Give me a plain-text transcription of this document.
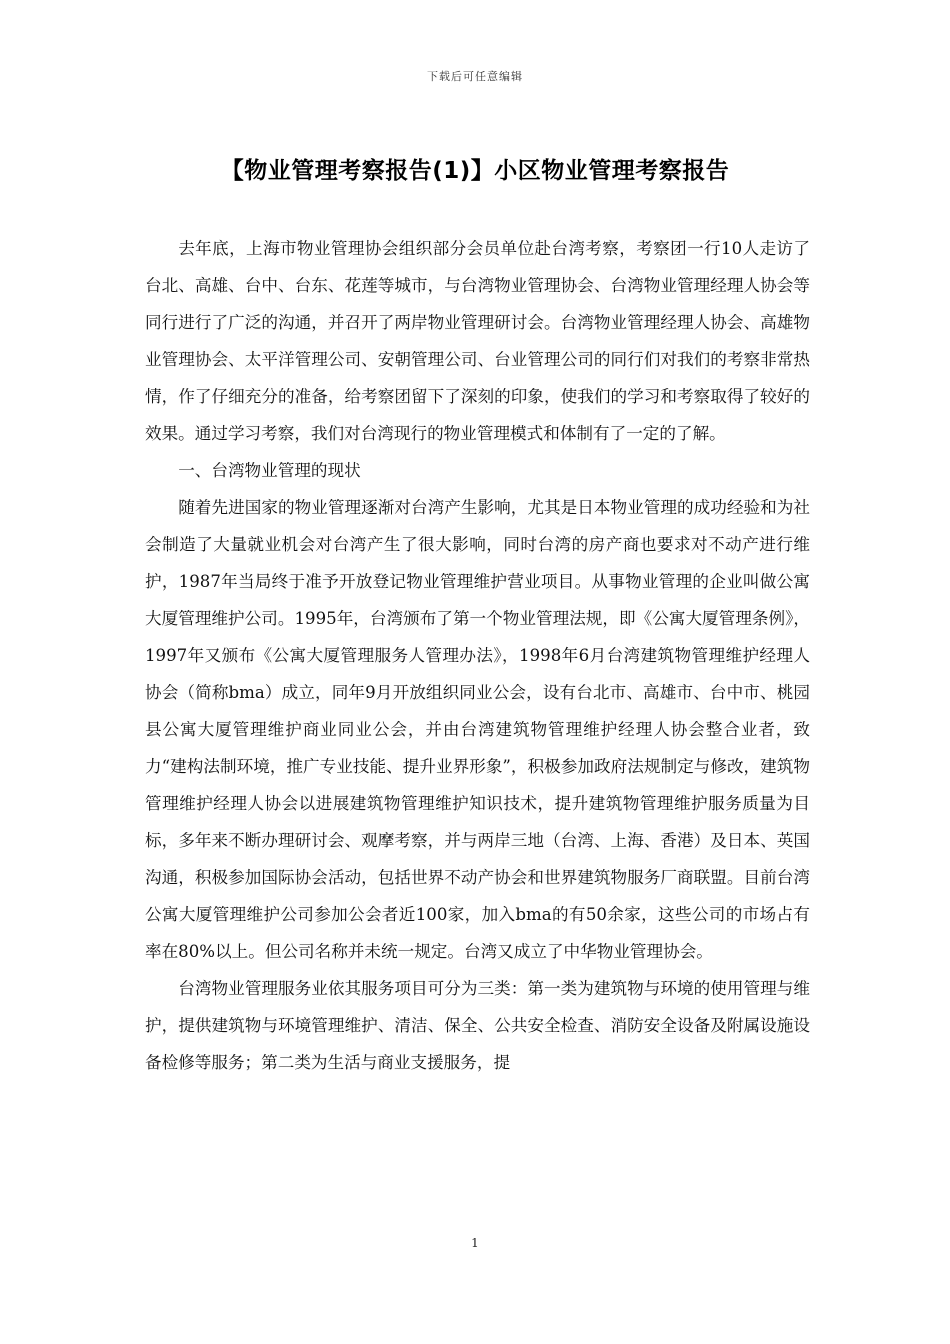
下载后可任意编辑
【物业管理考察报告(1)】小区物业管理考察报告

去年底，上海市物业管理协会组织部分会员单位赴台湾考察，考察团一行10人走访了台北、高雄、台中、台东、花莲等城市，与台湾物业管理协会、台湾物业管理经理人协会等同行进行了广泛的沟通，并召开了两岸物业管理研讨会。台湾物业管理经理人协会、高雄物业管理协会、太平洋管理公司、安朝管理公司、台业管理公司的同行们对我们的考察非常热情，作了仔细充分的准备，给考察团留下了深刻的印象，使我们的学习和考察取得了较好的效果。通过学习考察，我们对台湾现行的物业管理模式和体制有了一定的了解。

一、台湾物业管理的现状

随着先进国家的物业管理逐渐对台湾产生影响，尤其是日本物业管理的成功经验和为社会制造了大量就业机会对台湾产生了很大影响，同时台湾的房产商也要求对不动产进行维护，1987年当局终于准予开放登记物业管理维护营业项目。从事物业管理的企业叫做公寓大厦管理维护公司。1995年，台湾颁布了第一个物业管理法规，即《公寓大厦管理条例》，1997年又颁布《公寓大厦管理服务人管理办法》，1998年6月台湾建筑物管理维护经理人协会（简称bma）成立，同年9月开放组织同业公会，设有台北市、高雄市、台中市、桃园县公寓大厦管理维护商业同业公会，并由台湾建筑物管理维护经理人协会整合业者，致力“建构法制环境，推广专业技能、提升业界形象”，积极参加政府法规制定与修改，建筑物管理维护经理人协会以进展建筑物管理维护知识技术，提升建筑物管理维护服务质量为目标，多年来不断办理研讨会、观摩考察，并与两岸三地（台湾、上海、香港）及日本、英国沟通，积极参加国际协会活动，包括世界不动产协会和世界建筑物服务厂商联盟。目前台湾公寓大厦管理维护公司参加公会者近100家，加入bma的有50余家，这些公司的市场占有率在80%以上。但公司名称并未统一规定。台湾又成立了中华物业管理协会。

台湾物业管理服务业依其服务项目可分为三类：第一类为建筑物与环境的使用管理与维护，提供建筑物与环境管理维护、清洁、保全、公共安全检查、消防安全设备及附属设施设备检修等服务；第二类为生活与商业支援服务，提

1
